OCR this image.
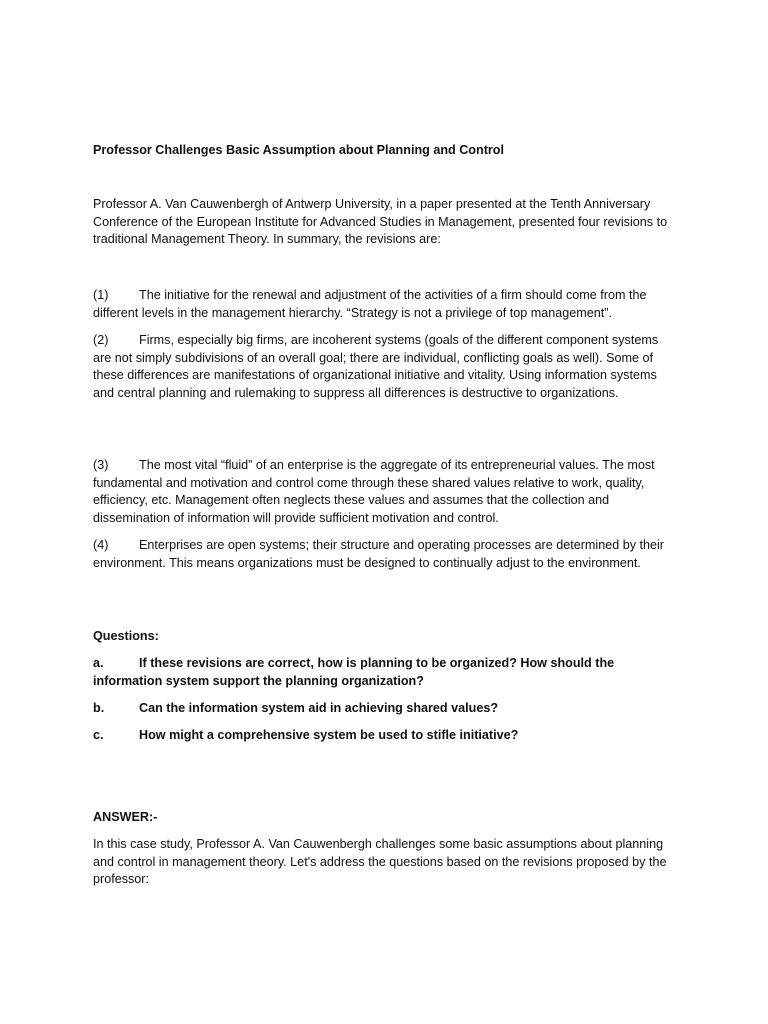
Professor Challenges Basic Assumption about Planning and Control

Professor A. Van Cauwenbergh of Antwerp University, in a paper presented at the Tenth Anniversary Conference of the European Institute for Advanced Studies in Management, presented four revisions to traditional Management Theory. In summary, the revisions are:

(1) The initiative for the renewal and adjustment of the activities of a firm should come from the different levels in the management hierarchy. “Strategy is not a privilege of top management”.

(2) Firms, especially big firms, are incoherent systems (goals of the different component systems are not simply subdivisions of an overall goal; there are individual, conflicting goals as well). Some of these differences are manifestations of organizational initiative and vitality. Using information systems and central planning and rulemaking to suppress all differences is destructive to organizations.

(3) The most vital “fluid” of an enterprise is the aggregate of its entrepreneurial values. The most fundamental and motivation and control come through these shared values relative to work, quality, efficiency, etc. Management often neglects these values and assumes that the collection and dissemination of information will provide sufficient motivation and control.

(4) Enterprises are open systems; their structure and operating processes are determined by their environment. This means organizations must be designed to continually adjust to the environment.

Questions:

a.	If these revisions are correct, how is planning to be organized? How should the information system support the planning organization?

b.	Can the information system aid in achieving shared values?

c.	How might a comprehensive system be used to stifle initiative?

ANSWER:-

In this case study, Professor A. Van Cauwenbergh challenges some basic assumptions about planning and control in management theory. Let's address the questions based on the revisions proposed by the professor:
